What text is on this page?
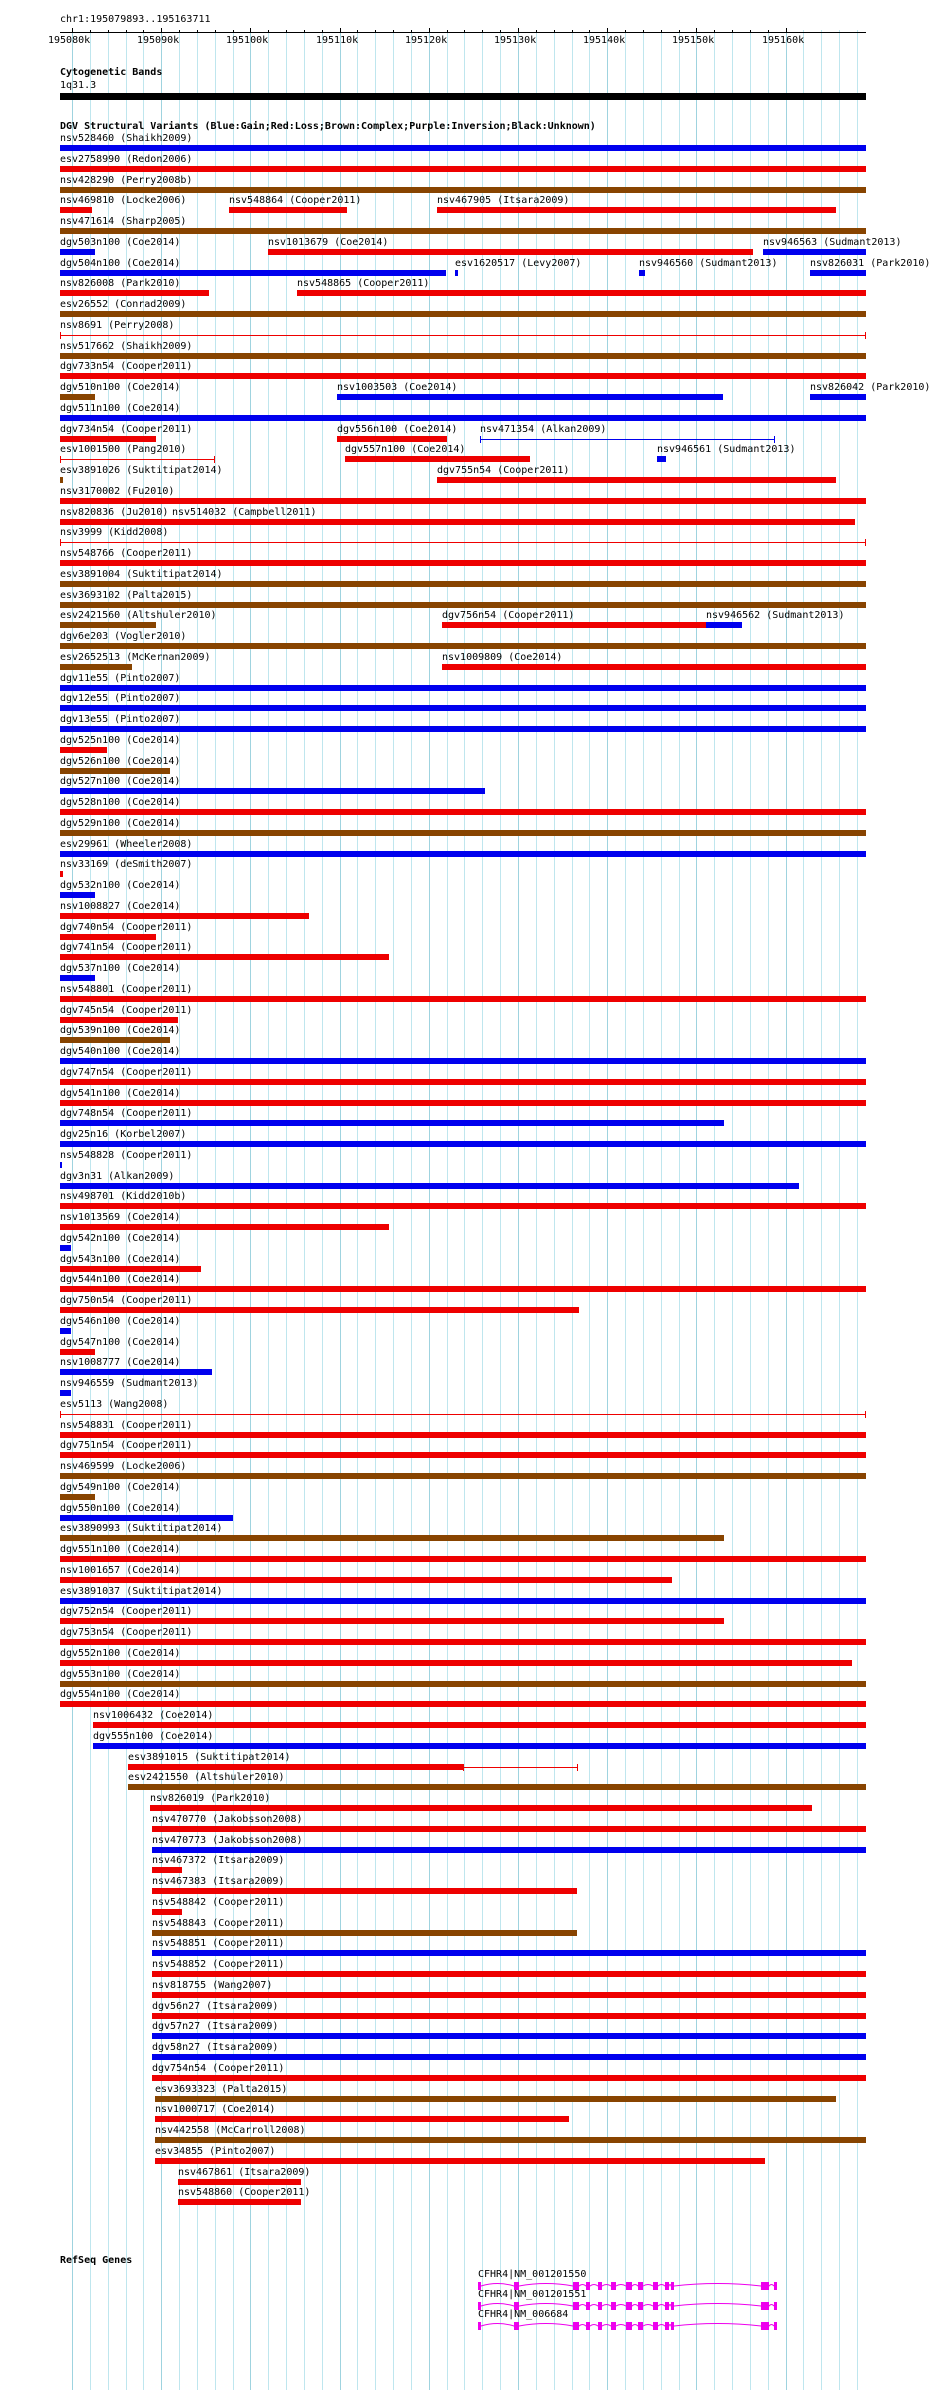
chr1:195079893..195163711
195080k	195090k	195100k	195110k	195120k	195130k	195140k	195150k	195160k
Cytogenetic Bands
1q31.3
DGV Structural Variants (Blue:Gain;Red:Loss;Brown:Complex;Purple:Inversion;Black:Unknown)
nsv528460 (Shaikh2009)
esv2758990 (Redon2006)
nsv428290 (Perry2008b)
nsv469810 (Locke2006)	nsv548864 (Cooper2011)	nsv467905 (Itsara2009)
nsv471614 (Sharp2005)
dgv503n100 (Coe2014)	nsv1013679 (Coe2014)	nsv946563 (Sudmant2013)
dgv504n100 (Coe2014)	esv1620517 (Levy2007)	nsv946560 (Sudmant2013)	nsv826031 (Park2010)
nsv826008 (Park2010)	nsv548865 (Cooper2011)
esv26552 (Conrad2009)
nsv8691 (Perry2008)
nsv517662 (Shaikh2009)
dgv733n54 (Cooper2011)
dgv510n100 (Coe2014)	nsv1003503 (Coe2014)	nsv826042 (Park2010)
dgv511n100 (Coe2014)
dgv734n54 (Cooper2011)	dgv556n100 (Coe2014) nsv471354 (Alkan2009)
esv1001500 (Pang2010)	dgv557n100 (Coe2014)	nsv946561 (Sudmant2013)
esv3891026 (Suktitipat2014)	dgv755n54 (Cooper2011)
nsv3170002 (Fu2010)
nsv820836 (Ju2010) nsv514032 (Campbell2011)
nsv3999 (Kidd2008)
nsv548766 (Cooper2011)
esv3891004 (Suktitipat2014)
esv3693102 (Palta2015)
esv2421560 (Altshuler2010)	dgv756n54 (Cooper2011)	nsv946562 (Sudmant2013)
dgv6e203 (Vogler2010)
esv2652513 (McKernan2009)	nsv1009809 (Coe2014)
dgv11e55 (Pinto2007)
dgv12e55 (Pinto2007)
dgv13e55 (Pinto2007)
dgv525n100 (Coe2014)
dgv526n100 (Coe2014)
dgv527n100 (Coe2014)
dgv528n100 (Coe2014)
dgv529n100 (Coe2014)
esv29961 (Wheeler2008)
nsv33169 (deSmith2007)
dgv532n100 (Coe2014)
nsv1008827 (Coe2014)
dgv740n54 (Cooper2011)
dgv741n54 (Cooper2011)
dgv537n100 (Coe2014)
nsv548801 (Cooper2011)
dgv745n54 (Cooper2011)
dgv539n100 (Coe2014)
dgv540n100 (Coe2014)
dgv747n54 (Cooper2011)
dgv541n100 (Coe2014)
dgv748n54 (Cooper2011)
dgv25n16 (Korbel2007)
nsv548828 (Cooper2011)
dgv3n31 (Alkan2009)
nsv498701 (Kidd2010b)
nsv1013569 (Coe2014)
dgv542n100 (Coe2014)
dgv543n100 (Coe2014)
dgv544n100 (Coe2014)
dgv750n54 (Cooper2011)
dgv546n100 (Coe2014)
dgv547n100 (Coe2014)
nsv1008777 (Coe2014)
nsv946559 (Sudmant2013)
esv5113 (Wang2008)
nsv548831 (Cooper2011)
dgv751n54 (Cooper2011)
nsv469599 (Locke2006)
dgv549n100 (Coe2014)
dgv550n100 (Coe2014)
esv3890993 (Suktitipat2014)
dgv551n100 (Coe2014)
nsv1001657 (Coe2014)
esv3891037 (Suktitipat2014)
dgv752n54 (Cooper2011)
dgv753n54 (Cooper2011)
dgv552n100 (Coe2014)
dgv553n100 (Coe2014)
dgv554n100 (Coe2014)
nsv1006432 (Coe2014)
dgv555n100 (Coe2014)
esv3891015 (Suktitipat2014)
esv2421550 (Altshuler2010)
nsv826019 (Park2010)
nsv470770 (Jakobsson2008)
nsv470773 (Jakobsson2008)
nsv467372 (Itsara2009)
nsv467383 (Itsara2009)
nsv548842 (Cooper2011)
nsv548843 (Cooper2011)
nsv548851 (Cooper2011)
nsv548852 (Cooper2011)
nsv818755 (Wang2007)
dgv56n27 (Itsara2009)
dgv57n27 (Itsara2009)
dgv58n27 (Itsara2009)
dgv754n54 (Cooper2011)
esv3693323 (Palta2015)
nsv1000717 (Coe2014)
nsv442558 (McCarroll2008)
esv34855 (Pinto2007)
nsv467861 (Itsara2009)
nsv548860 (Cooper2011)
RefSeq Genes
CFHR4|NM_001201550
CFHR4|NM_001201551
CFHR4|NM_006684
